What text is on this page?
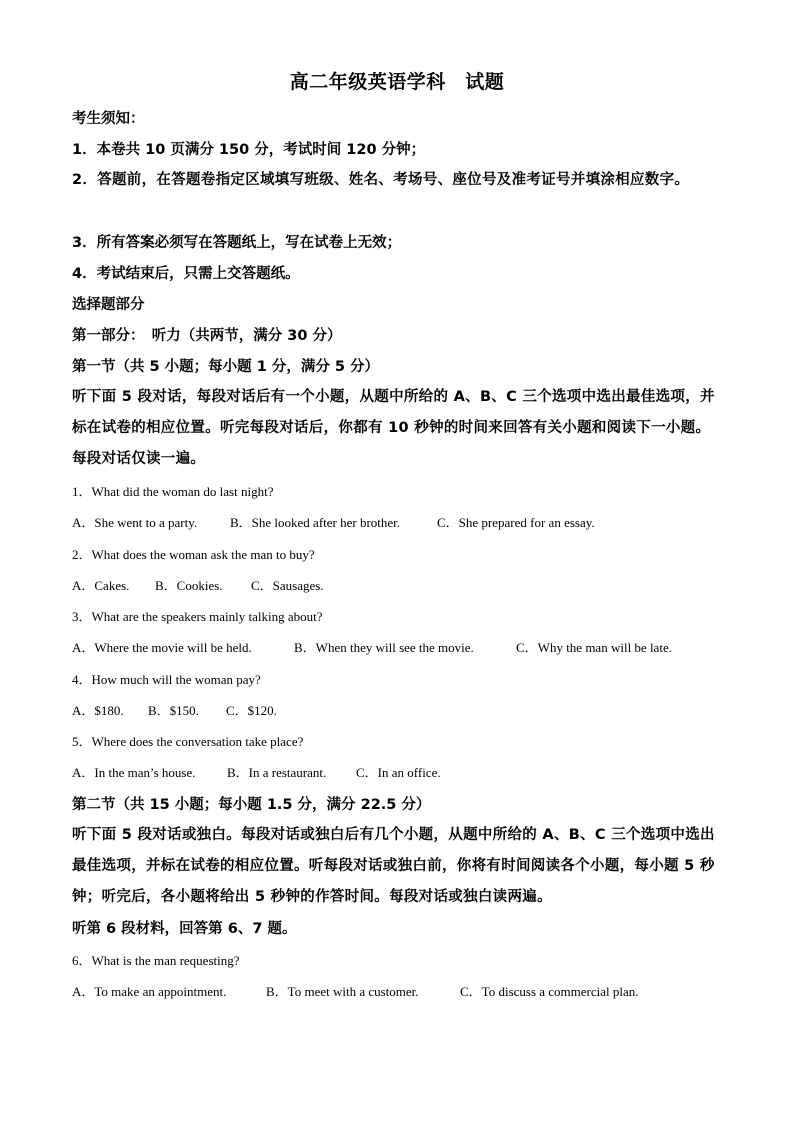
高二年级英语学科　试题
考生须知：
1．本卷共 10 页满分 150 分，考试时间 120 分钟；
2．答题前，在答题卷指定区域填写班级、姓名、考场号、座位号及准考证号并填涂相应数字。
3．所有答案必须写在答题纸上，写在试卷上无效；
4．考试结束后，只需上交答题纸。
选择题部分
第一部分：　听力（共两节，满分 30 分）
第一节（共 5 小题；每小题 1 分，满分 5 分）
听下面 5 段对话，每段对话后有一个小题，从题中所给的 A、B、C 三个选项中选出最佳选项，并标在试卷的相应位置。听完每段对话后，你都有 10 秒钟的时间来回答有关小题和阅读下一小题。每段对话仅读一遍。
1．What did the woman do last night?
A．She went to a party.	B．She looked after her brother.	C．She prepared for an essay.
2．What does the woman ask the man to buy?
A．Cakes. B．Cookies. C．Sausages.
3．What are the speakers mainly talking about?
A．Where the movie will be held.	B．When they will see the movie.	C．Why the man will be late.
4．How much will the woman pay?
A．$180. B．$150. C．$120.
5．Where does the conversation take place?
A．In the man’s house. B．In a restaurant. C．In an office.
第二节（共 15 小题；每小题 1.5 分，满分 22.5 分）
听下面 5 段对话或独白。每段对话或独白后有几个小题，从题中所给的 A、B、C 三个选项中选出最佳选项，并标在试卷的相应位置。听每段对话或独白前，你将有时间阅读各个小题，每小题 5 秒钟；听完后，各小题将给出 5 秒钟的作答时间。每段对话或独白读两遍。
听第 6 段材料，回答第 6、7 题。
6．What is the man requesting?
A．To make an appointment.	B．To meet with a customer.	C．To discuss a commercial plan.
